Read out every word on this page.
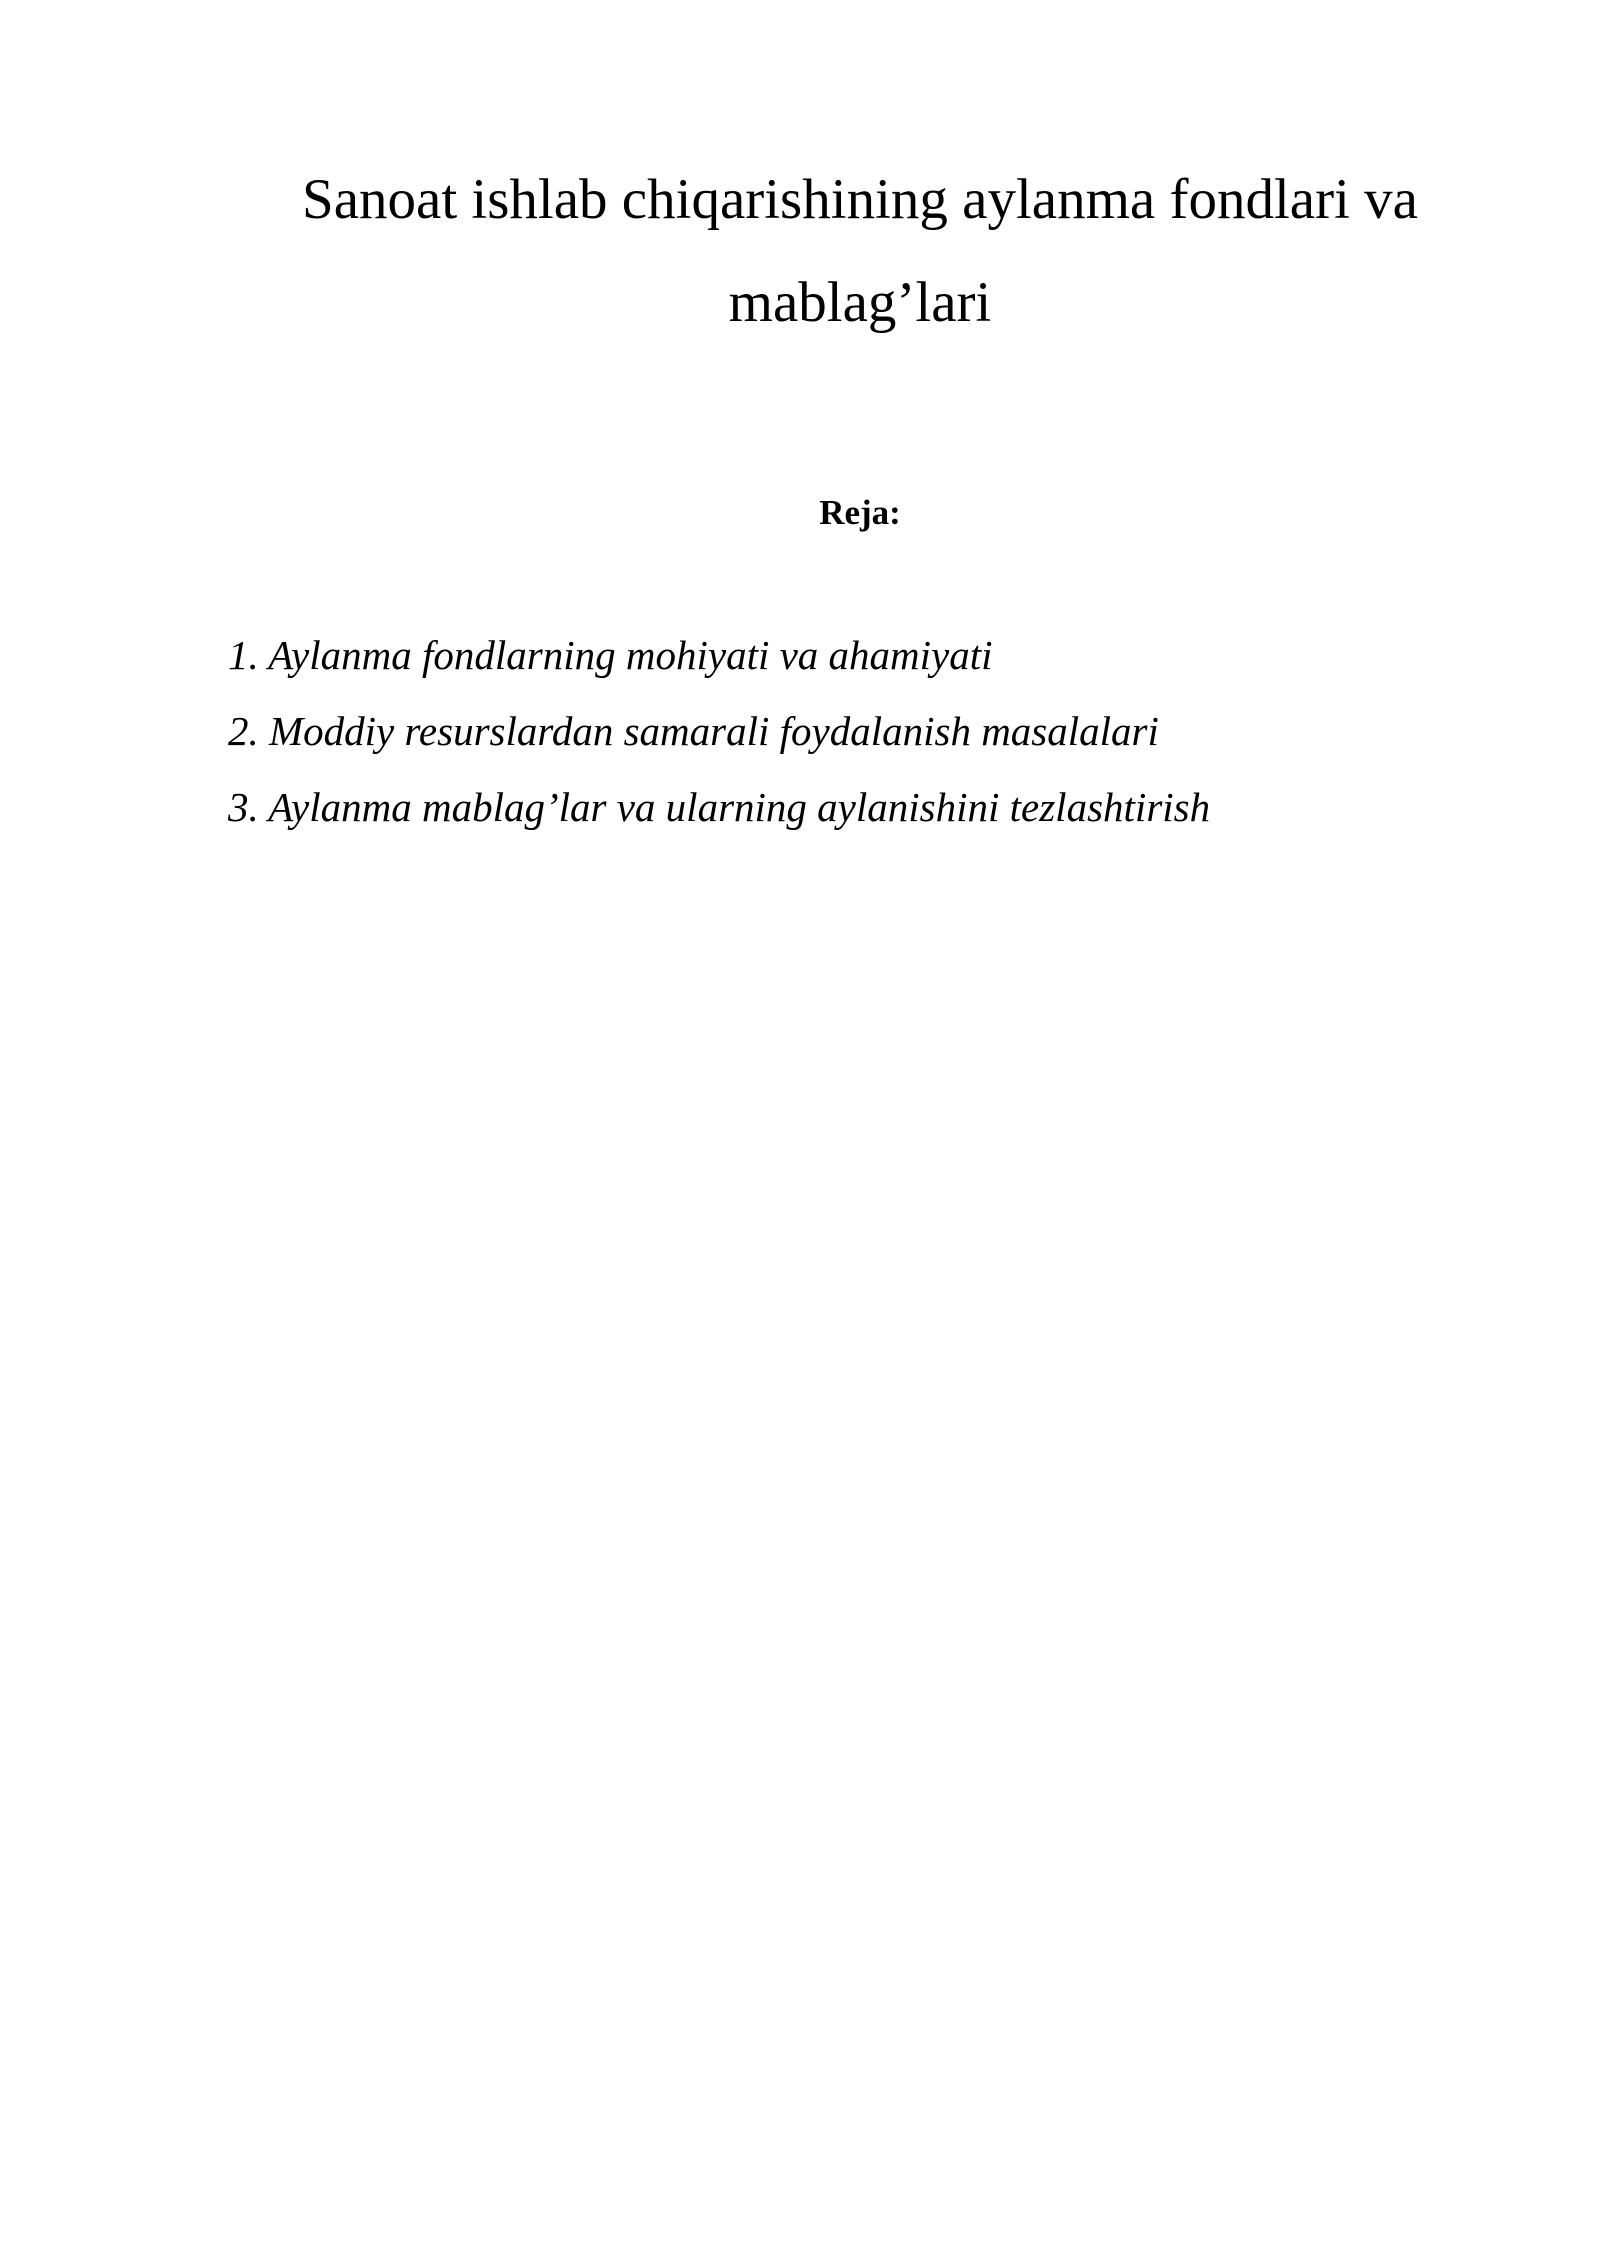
Sanoat ishlab chiqarishining aylanma fondlari va
mablag’lari
Reja:
1. Aylanma fondlarning mohiyati va ahamiyati
2. Moddiy resurslardan samarali foydalanish masalalari
3. Aylanma mablag’lar va ularning aylanishini tezlashtirish
